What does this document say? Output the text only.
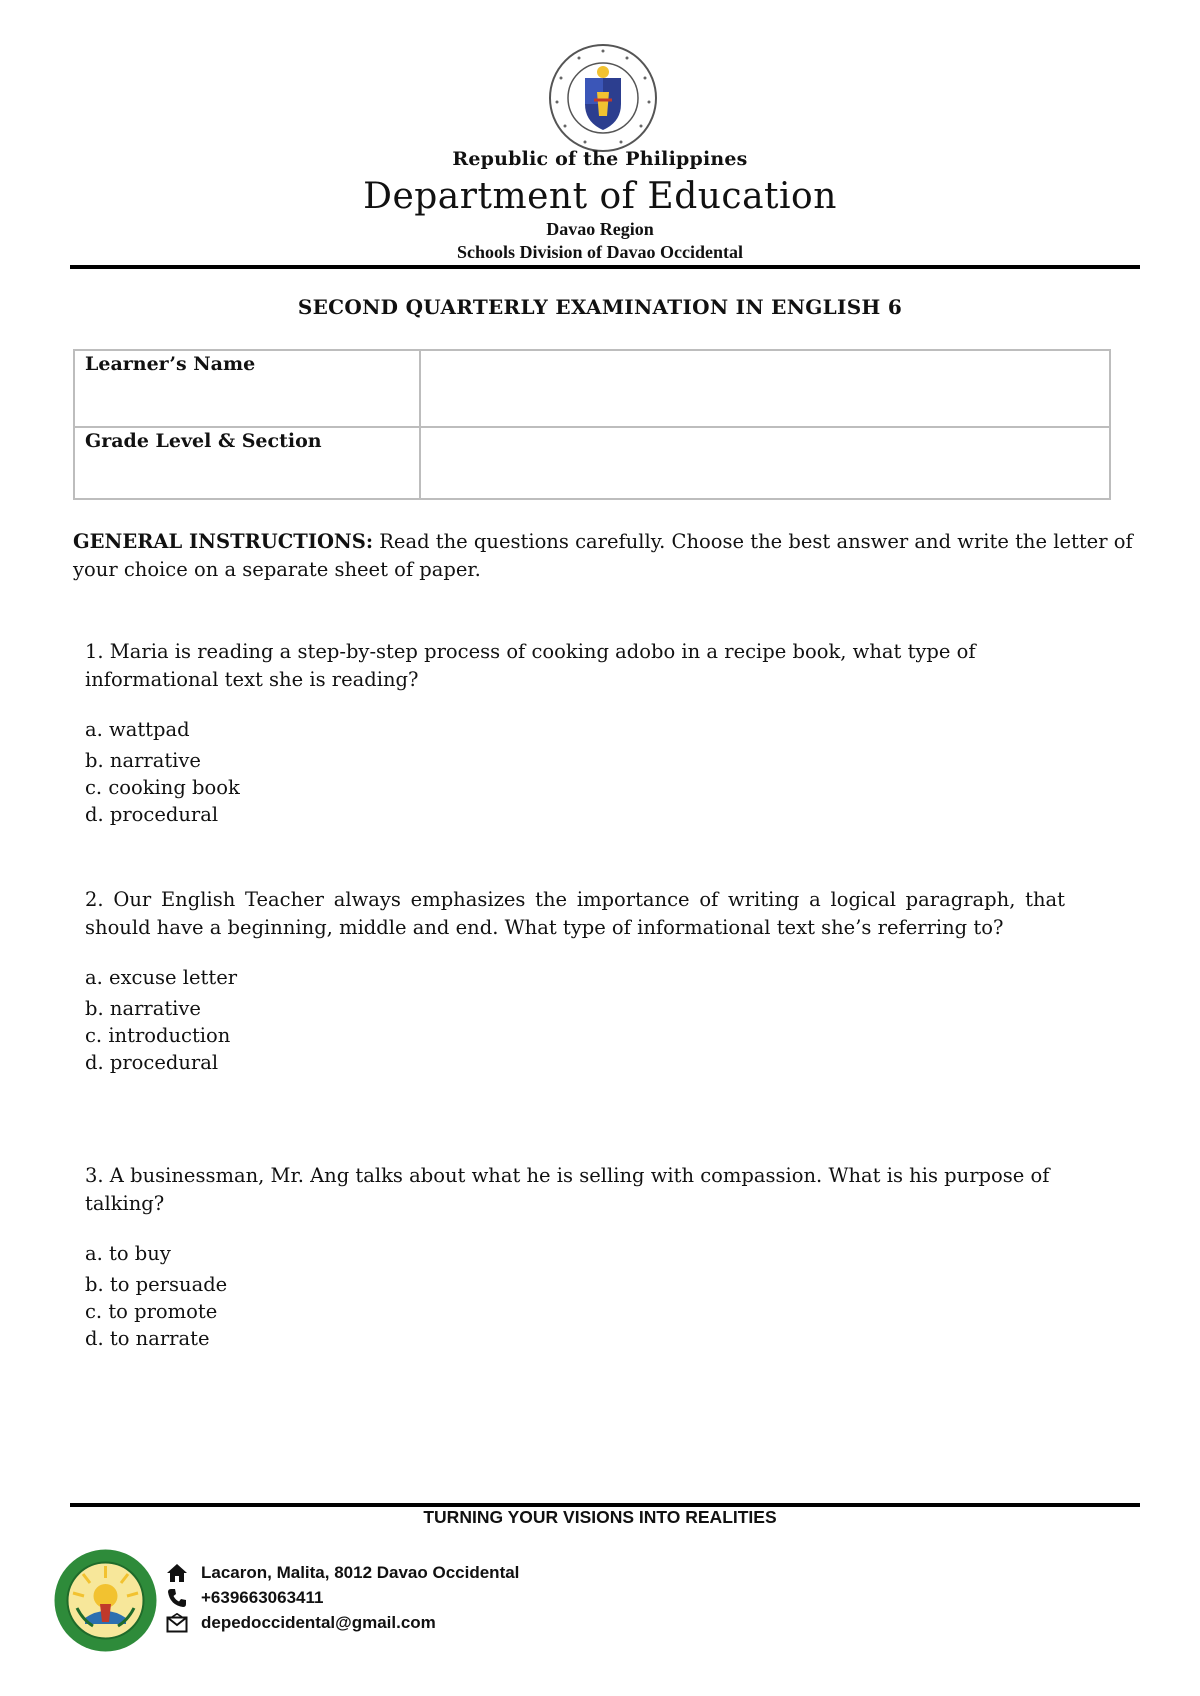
Republic of the Philippines
Department of Education
Davao Region
Schools Division of Davao Occidental
SECOND QUARTERLY EXAMINATION IN ENGLISH 6
Learner’s Name
Grade Level & Section
GENERAL INSTRUCTIONS: Read the questions carefully. Choose the best answer and write the letter of your choice on a separate sheet of paper.
1. Maria is reading a step-by-step process of cooking adobo in a recipe book, what type of informational text she is reading?
a. wattpad
b. narrative
c. cooking book
d. procedural
2. Our English Teacher always emphasizes the importance of writing a logical paragraph, that should have a beginning, middle and end. What type of informational text she’s referring to?
a. excuse letter
b. narrative
c. introduction
d. procedural
3. A businessman, Mr. Ang talks about what he is selling with compassion. What is his purpose of talking?
a. to buy
b. to persuade
c. to promote
d. to narrate
TURNING YOUR VISIONS INTO REALITIES
Lacaron, Malita, 8012 Davao Occidental
+639663063411
depedoccidental@gmail.com
